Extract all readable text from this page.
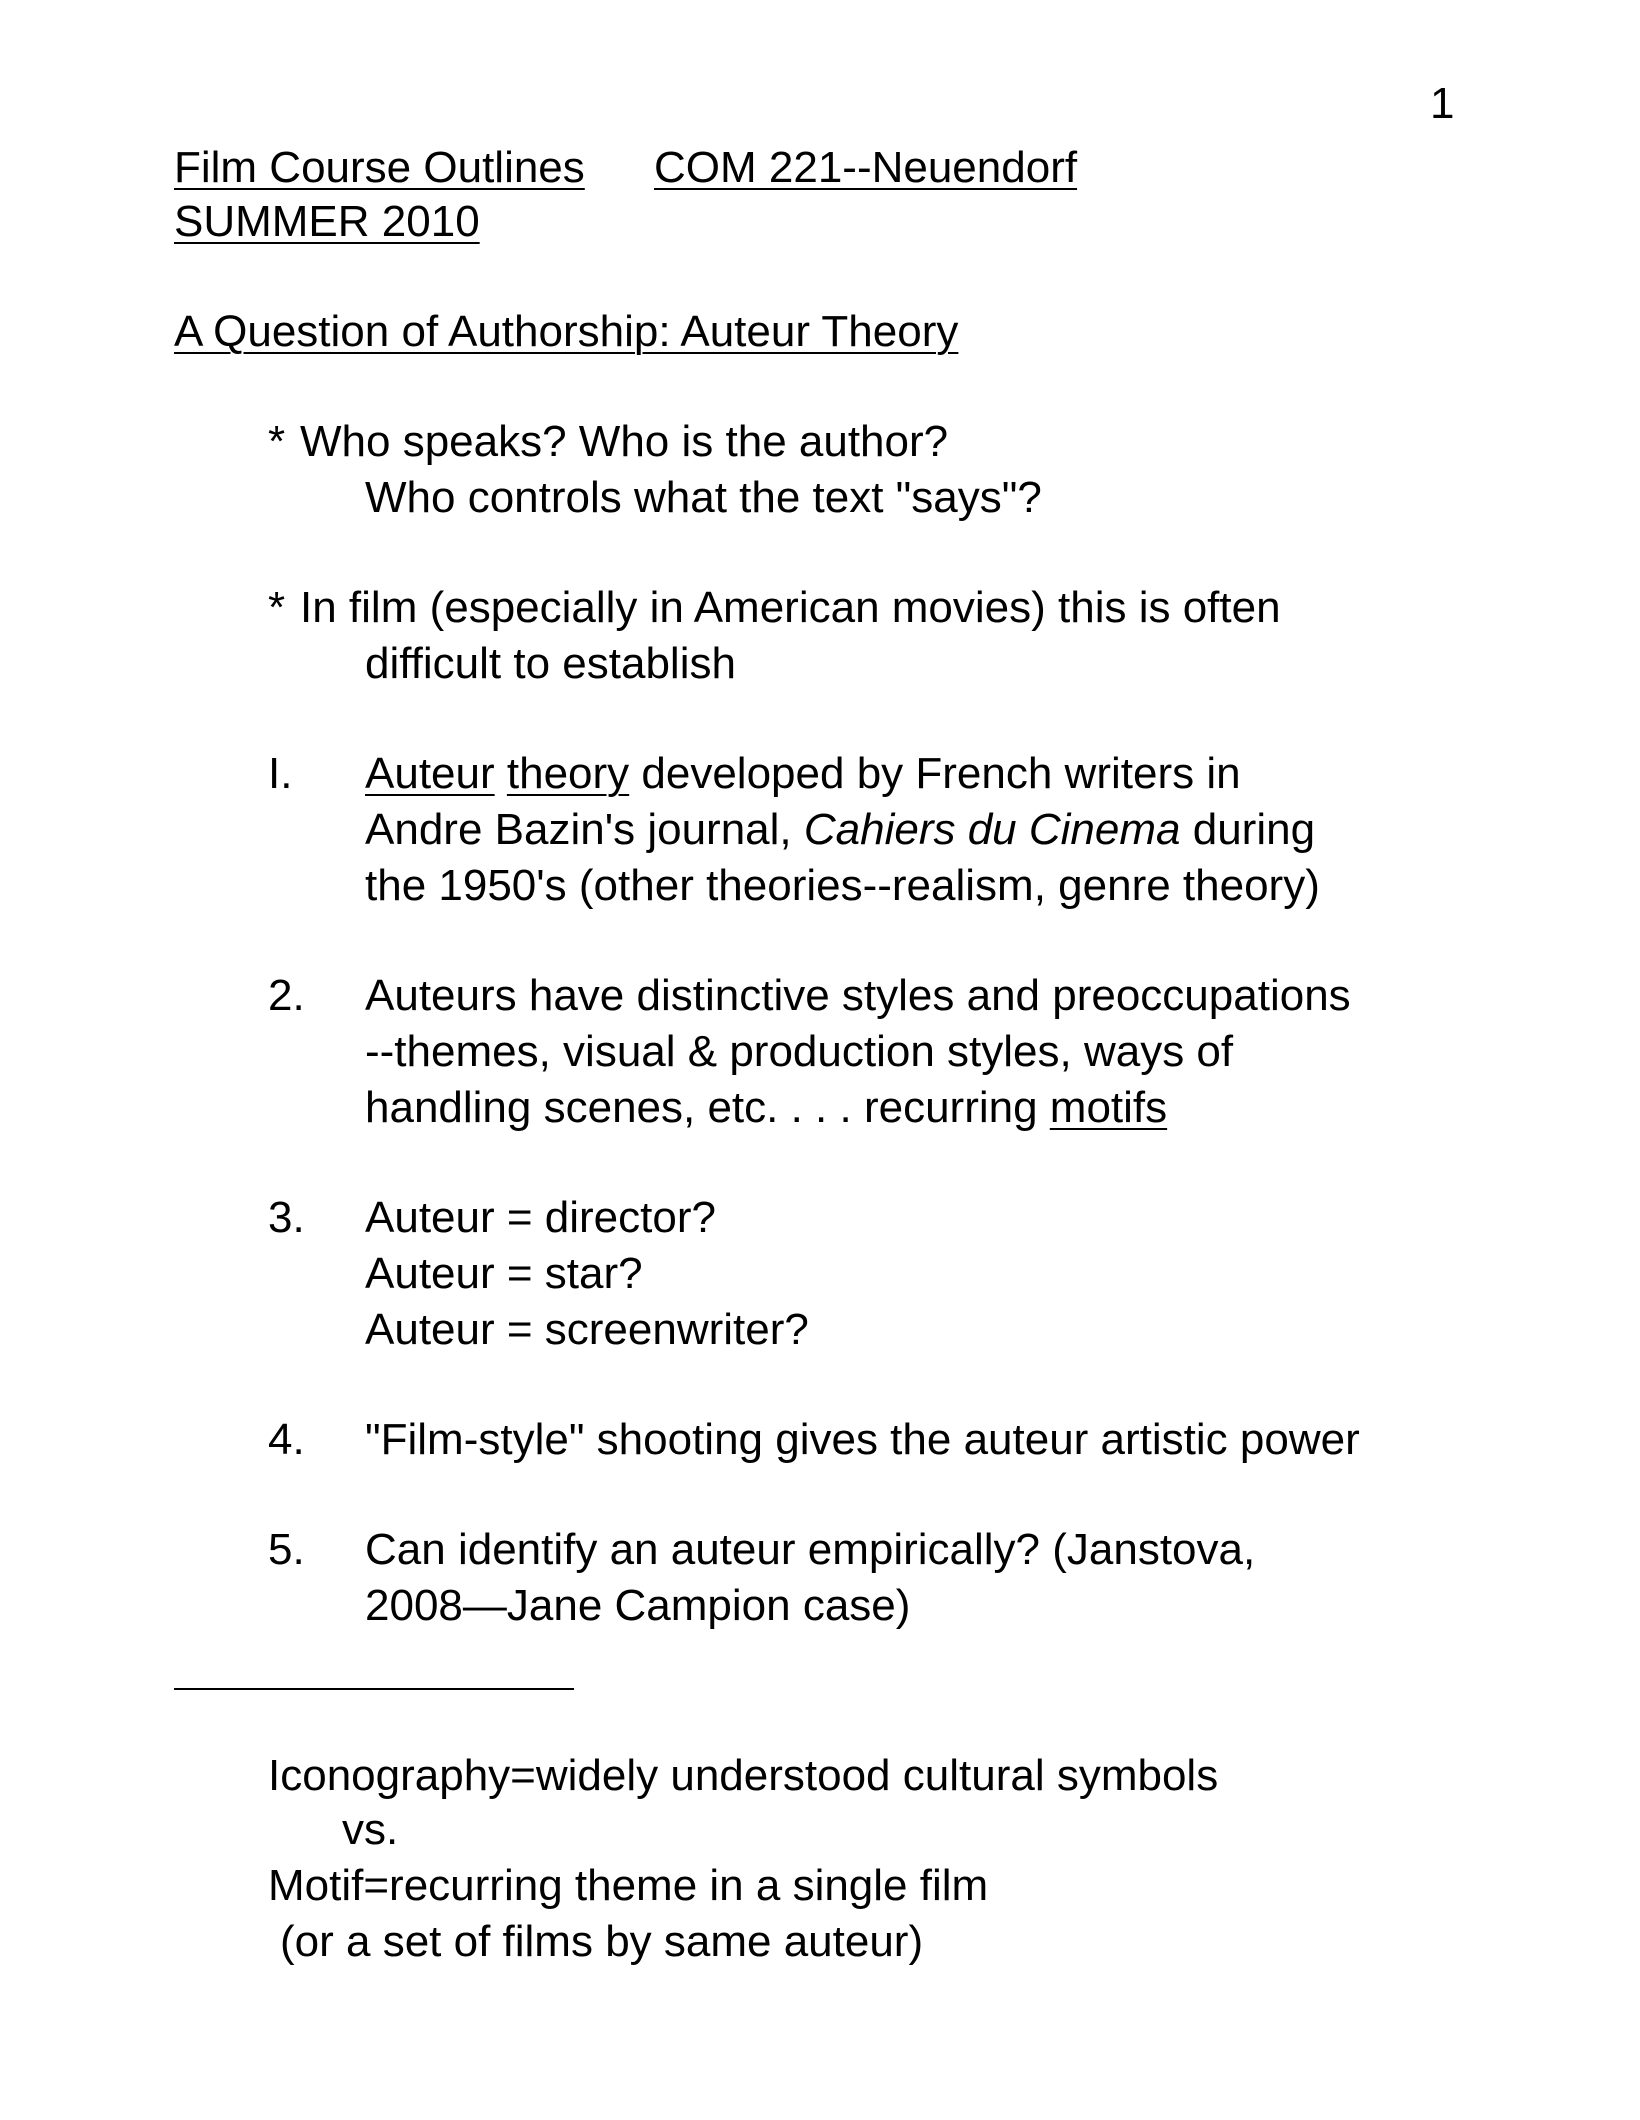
1
Film Course Outlines COM 221--Neuendorf
SUMMER 2010
A Question of Authorship: Auteur Theory
* Who speaks? Who is the author?
Who controls what the text "says"?
* In film (especially in American movies) this is often
difficult to establish
I. Auteur theory developed by French writers in
Andre Bazin's journal, Cahiers du Cinema during
the 1950's (other theories--realism, genre theory)
2. Auteurs have distinctive styles and preoccupations
--themes, visual & production styles, ways of
handling scenes, etc. . . . recurring motifs
3. Auteur = director?
Auteur = star?
Auteur = screenwriter?
4. "Film-style" shooting gives the auteur artistic power
5. Can identify an auteur empirically? (Janstova,
2008—Jane Campion case)
Iconography=widely understood cultural symbols
vs.
Motif=recurring theme in a single film
(or a set of films by same auteur)
